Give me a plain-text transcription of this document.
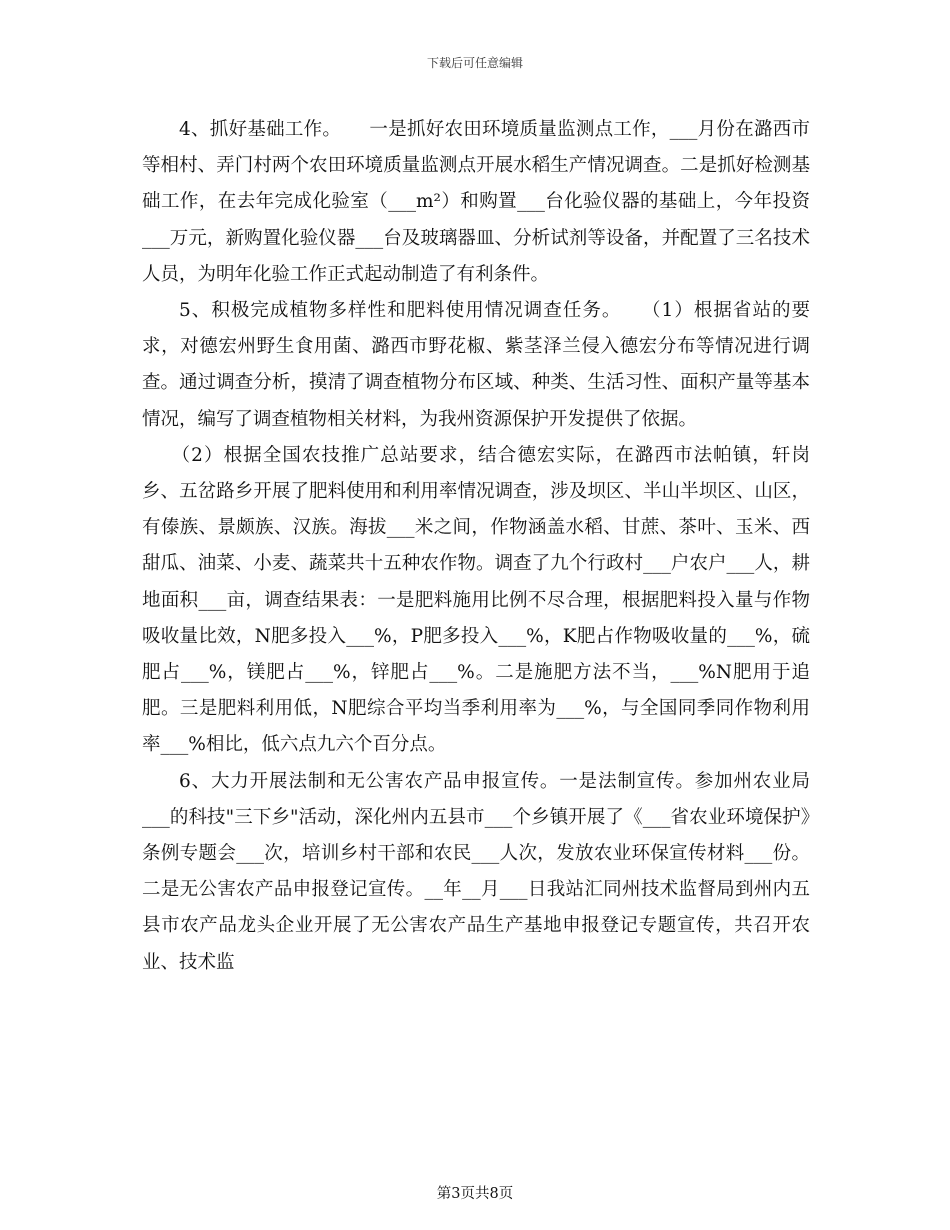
下载后可任意编辑

4、抓好基础工作。　　一是抓好农田环境质量监测点工作，___月份在潞西市等相村、弄门村两个农田环境质量监测点开展水稻生产情况调查。二是抓好检测基础工作，在去年完成化验室（___m²）和购置___台化验仪器的基础上，今年投资___万元，新购置化验仪器___台及玻璃器皿、分析试剂等设备，并配置了三名技术人员，为明年化验工作正式起动制造了有利条件。

5、积极完成植物多样性和肥料使用情况调查任务。　　（1）根据省站的要求，对德宏州野生食用菌、潞西市野花椒、紫茎泽兰侵入德宏分布等情况进行调查。通过调查分析，摸清了调查植物分布区域、种类、生活习性、面积产量等基本情况，编写了调查植物相关材料，为我州资源保护开发提供了依据。

（2）根据全国农技推广总站要求，结合德宏实际，在潞西市法帕镇，轩岗乡、五岔路乡开展了肥料使用和利用率情况调查，涉及坝区、半山半坝区、山区，有傣族、景颇族、汉族。海拔___米之间，作物涵盖水稻、甘蔗、茶叶、玉米、西甜瓜、油菜、小麦、蔬菜共十五种农作物。调查了九个行政村___户农户___人，耕地面积___亩，调查结果表：一是肥料施用比例不尽合理，根据肥料投入量与作物吸收量比效，N肥多投入___%，P肥多投入___%，K肥占作物吸收量的___%，硫肥占___%，镁肥占___%，锌肥占___%。二是施肥方法不当，___%N肥用于追肥。三是肥料利用低，N肥综合平均当季利用率为___%，与全国同季同作物利用率___%相比，低六点九六个百分点。

6、大力开展法制和无公害农产品申报宣传。一是法制宣传。参加州农业局___的科技"三下乡"活动，深化州内五县市___个乡镇开展了《___省农业环境保护》条例专题会___次，培训乡村干部和农民___人次，发放农业环保宣传材料___份。二是无公害农产品申报登记宣传。__年__月___日我站汇同州技术监督局到州内五县市农产品龙头企业开展了无公害农产品生产基地申报登记专题宣传，共召开农业、技术监

第3页共8页
